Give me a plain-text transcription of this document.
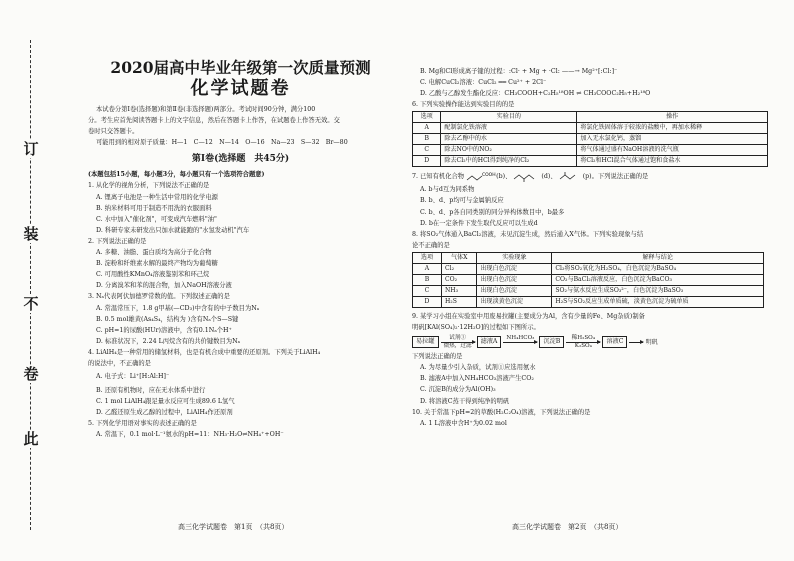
此
卷
不
装
订
2020届高中毕业年级第一次质量预测
化学试题卷
本试卷分第Ⅰ卷(选择题)和第Ⅱ卷(非选择题)两部分。考试时间90分钟，满分100
分。考生应首先阅读答题卡上的文字信息，然后在答题卡上作答，在试题卷上作答无效。交
卷时只交答题卡。
可能用到的相对原子质量：H—1　C—12　N—14　O—16　Na—23　S—32　Br—80
第Ⅰ卷(选择题　共45分)
(本题包括15小题，每小题3分，每小题只有一个选项符合题意)
1. 从化学的视角分析，下列说法不正确的是
A. 锂离子电池是一种生活中常用的化学电源
B. 纳米材料可用于制造不用洗的衣服面料
C. 水中加入"催化剂"，可变成汽车燃料"油"
D. 科研专家未研发出只加水就能跑的"水氢发动机"汽车
2. 下列说法正确的是
A. 多糖、油脂、蛋白质均为高分子化合物
B. 淀粉和纤维素水解的最终产物均为葡萄糖
C. 可用酸性KMnO₄溶液鉴别苯和环己烷
D. 分离溴苯和苯的混合物，加入NaOH溶液分液
3. Nₐ代表阿伏加德罗常数的值。下列叙述正确的是
A. 常温常压下，1.8 g甲基(—CD₃)中含有的中子数目为Nₐ
B. 0.5 mol雄黄(As₄S₄，结构为 )含有Nₐ个S—S键
C. pH=1的尿酸(HUr)溶液中，含有0.1Nₐ个H⁺
D. 标准状况下，2.24 L丙烷含有的共价键数目为Nₐ
4. LiAlH₄是一种常用的储氢材料，也是有机合成中重要的还原剂。下列关于LiAlH₄
的说法中，不正确的是
A. 电子式：Li⁺[H:Al:H]⁻
B. 还原有机物时，应在无水体系中进行
C. 1 mol LiAlH₄跟足量水反应可生成89.6 L氢气
D. 乙醛还原生成乙醇的过程中，LiAlH₄作还原剂
5. 下列化学用语对事实的表述正确的是
A. 常温下，0.1 mol·L⁻¹氨水的pH=11：NH₃·H₂O⇌NH₄⁺+OH⁻
高三化学试题卷　第1页　（共8页）
B. Mg和Cl形成离子键的过程：:Cl· + Mg + ·Cl: ——→ Mg²⁺[:Cl:]⁻
C. 电解CuCl₂溶液：CuCl₂ ══ Cu²⁺ + 2Cl⁻
D. 乙酸与乙醇发生酯化反应：CH₃COOH+C₂H₅¹⁸OH ⇌ CH₃COOC₂H₅+H₂¹⁸O
6. 下列实验操作能达到实验目的的是
选项	实验目的	操作
A	配制氯化铁溶液	将氯化铁固体溶于较浓的盐酸中，再加水稀释
B	除去乙醇中的水	加入无水氯化钙，蒸馏
C	除去NO中的NO₂	将气体通过盛有NaOH溶液的洗气瓶
D	除去Cl₂中的HCl得到纯净的Cl₂	将Cl₂和HCl混合气体通过饱和食盐水
7. 已知有机化合物	COOH (b)、	(d)、	(p)。下列说法正确的是
A. b与d互为同系物
B. b、d、p均可与金属钠反应
C. b、d、p各自同类别的同分异构体数目中，b最多
D. b在一定条件下发生取代反应可以生成d
8. 将SO₂气体通入BaCl₂溶液，未见沉淀生成，然后通入X气体。下列实验现象与结
论不正确的是
选项	气体X	实验现象	解释与结论
A	Cl₂	出现白色沉淀	Cl₂将SO₂氧化为H₂SO₄，白色沉淀为BaSO₄
B	CO₂	出现白色沉淀	CO₂与BaCl₂溶液反应，白色沉淀为BaCO₃
C	NH₃	出现白色沉淀	SO₂与氨水反应生成SO₃²⁻，白色沉淀为BaSO₃
D	H₂S	出现淡黄色沉淀	H₂S与SO₂反应生成单质硫，淡黄色沉淀为硫单质
9. 某学习小组在实验室中用废易拉罐(主要成分为Al，含有少量的Fe、Mg杂质)制备
明矾[KAl(SO₄)₂·12H₂O]的过程如下图所示。
易拉罐
试剂①
微热，过滤
滤液A
NH₄HCO₃

沉淀B
稀H₂SO₄
K₂SO₄
溶液C

	明矾
下列说法正确的是
A. 为尽量少引入杂质，试剂①应选用氨水
B. 滤液A中加入NH₄HCO₃溶液产生CO₂
C. 沉淀B的成分为Al(OH)₃
D. 将溶液C蒸干得到纯净的明矾
10. 关于常温下pH=2的草酸(H₂C₂O₄)溶液，下列说法正确的是
A. 1 L溶液中含H⁺为0.02 mol
高三化学试题卷　第2页　（共8页）
